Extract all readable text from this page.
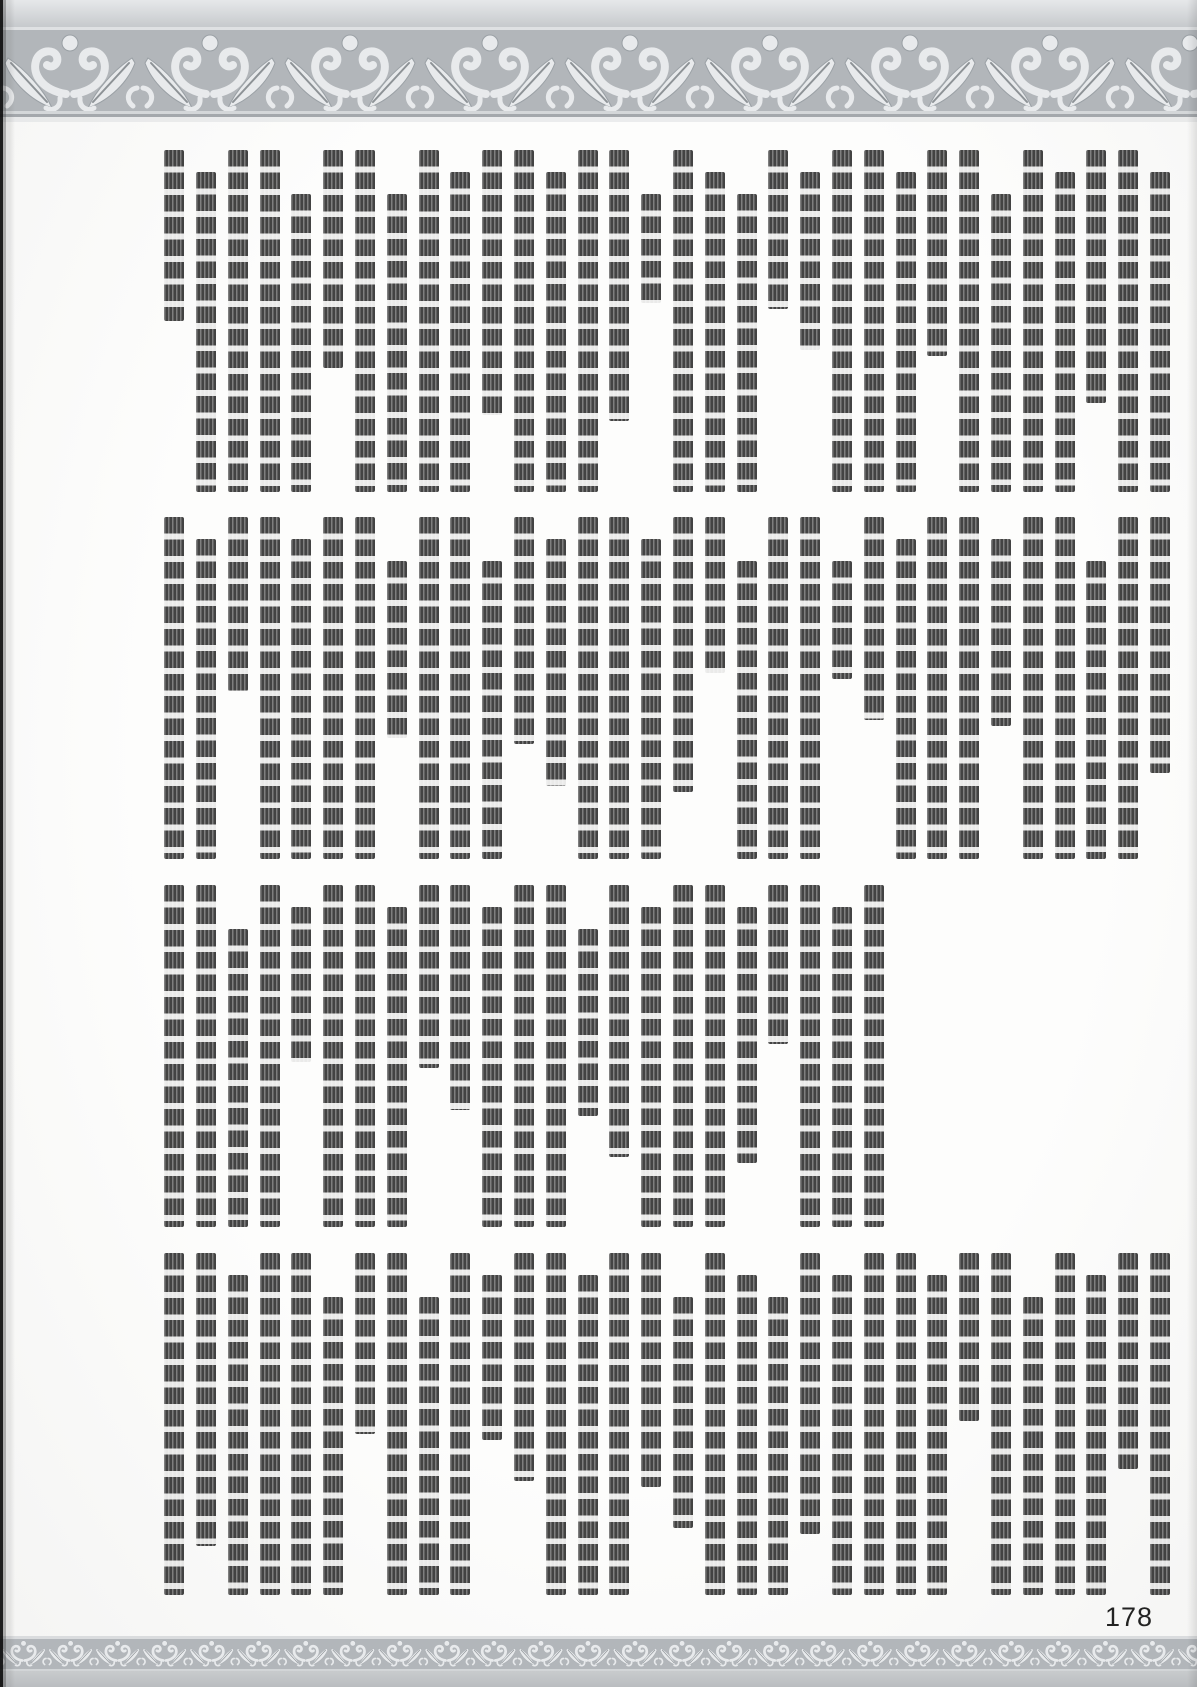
178
